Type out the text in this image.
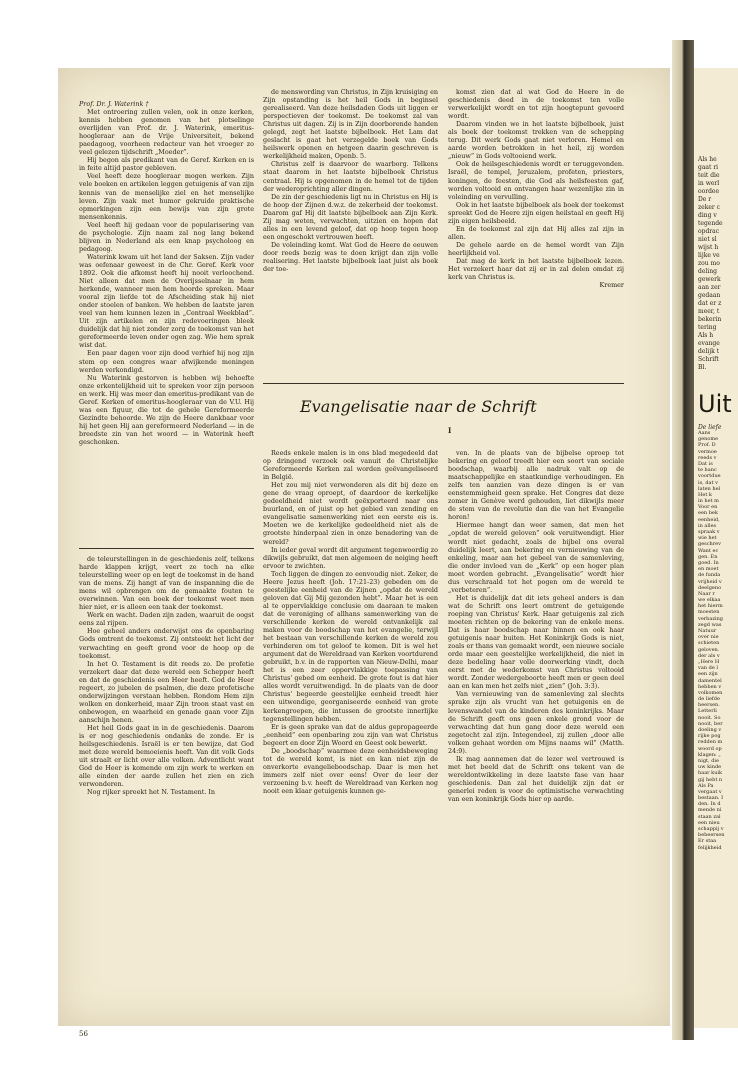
Als he
gaat ri
teit die
in werl
oordee
De r
zeker c
ding v
tegende
opdrac
niet sl
wijst h
lijke ve
zou mo
deling
gewerk
aan zer
gedaan
dat er z
meer, t
bekerin
tering
Als h
evange
delijk t
Schrift
Bl.
Uit
De liefe
Aans
genome
Prof. D
vermoe
reeds v
Dat is
te hanc
voortdue
is, dat v
laten hel
Het k
in het m
Voor en
een bek
eenheid,
in alles
spraak v
wie het
geschrev
Want ec
gen. En
goed. In
en moet
de funda
vrijheid v
deelgeno
Naar r
we elkaa
het hierm
moesten
verbazing
zegd was
Natuur
over nie
schieten
geloven.
der als v
„Here H
van de l
een zijn
damentel
hebben v
volkomen
de liefde
heersen.
Letterli
nooit. So
nooit, ber
doeling v
rijke pog
redden m
woord op
klagen: „
nigt, die
uw kinde
haar kuik
gij hebt n
Als Pa
vergaat v
bestaan. I
den. In d
mende ni
staan zal
een nieu
schappij v
beheersen
Er staa
felijkheid

Prof. Dr. J. Waterink †

Met ontroering zullen velen, ook in onze kerken, kennis hebben genomen van het plotselinge overlijden van Prof. dr. J. Waterink, emeritus-hoogleraar aan de Vrije Universiteit, bekend paedagoog, voorheen redacteur van het vroeger zo veel gelezen tijdschrift „Moeder”.

Hij begon als predikant van de Geref. Kerken en is in feite altijd pastor gebleven.

Veel heeft deze hoogleraar mogen werken. Zijn vele boeken en artikelen leggen getuigenis af van zijn kennis van de menselijke ziel en het menselijke leven. Zijn vaak met humor gekruide praktische opmerkingen zijn een bewijs van zijn grote mensenkennis.

Veel heeft hij gedaan voor de popularisering van de psychologie. Zijn naam zal nog lang bekend blijven in Nederland als een knap psycholoog en pedagoog.

Waterink kwam uit het land der Saksen. Zijn vader was oefenaar geweest in de Chr. Geref. Kerk voor 1892. Ook die afkomst heeft hij nooit verloochend. Niet alleen dat men de Overijsselnaar in hem herkende, wanneer men hem hoorde spreken. Maar vooral zijn liefde tot de Afscheiding stak hij niet onder stoelen of banken. We hebben de laatste jaren veel van hem kunnen lezen in „Centraal Weekblad”. Uit zijn artikelen en zijn redevoeringen bleek duidelijk dat hij niet zonder zorg de toekomst van het gereformeerde leven onder ogen zag. Wie hem sprak wist dat.

Een paar dagen voor zijn dood verhief hij nog zijn stem op een congres waar afwijkende meningen werden verkondigd.

Nu Waterink gestorven is hebben wij behoefte onze erkentelijkheid uit te spreken voor zijn persoon en werk. Hij was meer dan emeritus-predikant van de Geref. Kerken of emeritus-hoogleraar van de V.U. Hij was een figuur, die tot de gehele Gereformeerde Gezindte behoorde. We zijn de Heere dankbaar voor hij het geen Hij aan gereformeerd Nederland — in de breedste zin van het woord — in Waterink heeft geschonken.

de teleurstellingen in de geschiedenis zelf, telkens harde klappen krijgt, veert ze toch na elke teleurstelling weer op en legt de toekomst in de hand van de mens. Zij hangt af van de inspanning die de mens wil opbrengen om de gemaakte fouten te overwinnen. Van een boek der toekomst weet men hier niet, er is alleen een taak der toekomst.

Werk en wacht. Daden zijn zaden, waaruit de oogst eens zal rijpen.

Hoe geheel anders onderwijst ons de openbaring Gods omtrent de toekomst. Zij ontsteekt het licht der verwachting en geeft grond voor de hoop op de toekomst.

In het O. Testament is dit reeds zo. De profetie verzekert daar dat deze wereld een Schepper heeft en dat de geschiedenis een Heer heeft. God de Heer regeert, zo jubelen de psalmen, die deze profetische onderwijzingen verstaan hebben. Rondom Hem zijn wolken en donkerheid, maar Zijn troon staat vast en onbewogen, en waarheid en genade gaan voor Zijn aanschijn henen.

Het heil Gods gaat in in de geschiedenis. Daarom is er nog geschiedenis ondanks de zonde. Er is heilsgeschiedenis. Israël is er ten bewijze, dat God met deze wereld bemoeienis heeft. Van dit volk Gods uit straalt er licht over alle volken. Adventlicht want God de Heer is komende om zijn werk te werken en alle einden der aarde zullen het zien en zich verwonderen.

Nog rijker spreekt het N. Testament. In

de menswording van Christus, in Zijn kruisiging en Zijn opstanding is het heil Gods in beginsel gerealiseerd. Van deze heilsdaden Gods uit liggen er perspectieven der toekomst. De toekomst zal van Christus uit dagen. Zij is in Zijn doorborende handen gelegd, zegt het laatste bijbelboek. Het Lam dat geslacht is gaat het verzegelde boek van Gods heilswerk openen en hetgeen daarin geschreven is werkelijkheid maken, Openb. 5.

Christus zelf is daarvoor de waarborg. Telkens staat daarom in het laatste bijbelboek Christus centraal. Hij is opgenomen in de hemel tot de tijden der wederoprichting aller dingen.

De zin der geschiedenis ligt nu in Christus en Hij is de hoop der Zijnen d.w.z. de zekerheid der toekomst. Daarom gaf Hij dit laatste bijbelboek aan Zijn Kerk. Zij mag weten, verwachten, uitzien en hopen dat alles in een levend geloof, dat op hoop tegen hoop een ongeschokt vertrouwen heeft.

De voleinding komt. Wat God de Heere de eeuwen door reeds bezig was te doen krijgt dan zijn volle realisering. Het laatste bijbelboek laat juist als boek der toe-

komst zien dat al wat God de Heere in de geschiedenis deed in de toekomst ten volle verwerkelijkt wordt en tot zijn hoogtepunt gevoerd wordt.

Daarom vinden we in het laatste bijbelboek, juist als boek der toekomst trekken van de schepping terug. Dit werk Gods gaat niet verloren. Hemel en aarde worden betrokken in het heil, zij worden „nieuw” in Gods voltooiend werk.

Ook de heilsgeschiedenis wordt er teruggevonden. Israël, de tempel, Jeruzalem, profeten, priesters, koningen, de feesten, die God als heilsfeesten gaf, worden voltooid en ontvangen haar wezenlijke zin in voleinding en vervulling.

Ook in het laatste bijbelboek als boek der toekomst spreekt God de Heere zijn eigen heilstaal en geeft Hij zijn eigen heilsbeeld.

En de toekomst zal zijn dat Hij alles zal zijn in allen.

De gehele aarde en de hemel wordt van Zijn heerlijkheid vol.

Dat mag de kerk in het laatste bijbelboek lezen. Het verzekert haar dat zij er in zal delen omdat zij kerk van Christus is.

Kremer

Evangelisatie naar de Schrift
I

Reeds enkele malen is in ons blad megedeeld dat op dringend verzoek ook vanuit de Christelijke Gereformeerde Kerken zal worden geëvangeliseerd in België.

Het zou mij niet verwonderen als dit bij deze en gene de vraag oproept, of daardoor de kerkelijke gedeeldheid niet wordt geëxporteerd naar ons buurland, en of juist op het gebied van zending en evangelisatie samenwerking niet een eerste eis is. Moeten we de kerkelijke gedeeldheid niet als de grootste hinderpaal zien in onze benadering van de wereld?

In ieder geval wordt dit argument tegenwoordig zo dikwijls gebruikt, dat men algemeen de neiging heeft ervoor te zwichten.

Toch liggen de dingen zo eenvoudig niet. Zeker, de Heere Jezus heeft (Joh. 17:21-23) gebeden om de geestelijke eenheid van de Zijnen „opdat de wereld geloven dat Gij Mij gezonden hebt”. Maar het is een al te oppervlakkige conclusie om daaraan te maken dat de vereniging of allhans samenwerking van de verschillende kerken de wereld ontvankelijk zal maken voor de boodschap van het evangelie, terwijl het bestaan van verschillende kerken de wereld zou verhinderen om tot geloof te komen. Dit is wel het argument dat de Wereldraad van Kerken voortdurend gebruikt, b.v. in de rapporten van Nieuw-Delhi, maar het is een zeer oppervlakkige toepassing van Christus' gebed om eenheid. De grote fout is dat hier alles wordt veruitwendigd. In de plaats van de door Christus' begeerde geestelijke eenheid treedt hier een uitwendige, georganiseerde eenheid van grote kerkengroepen, die intussen de grootste innerlijke tegenstellingen hebben.

Er is geen sprake van dat de aldus gepropageerde „eenheid” een openbaring zou zijn van wat Christus begeert en door Zijn Woord en Geest ook bewerkt.

De „boodschap” waarmee deze eenheidsbeweging tot de wereld komt, is niet en kan niet zijn de onverkorte evangelieboodschap. Daar is men het immers zelf niet over eens! Over de leer der verzoening b.v. heeft de Wereldraad van Kerken nog nooit een klaar getuigenis kunnen ge-

ven. In de plaats van de bijbelse oproep tot bekering en geloof treedt hier een soort van sociale boodschap, waarbij alle nadruk valt op de maatschappelijke en staatkundige verhoudingen. En zelfs ten aanzien van deze dingen is er van eenstemmigheid geen sprake. Het Congres dat deze zomer in Genève werd gehouden, liet dikwijls meer de stem van de revolutie dan die van het Evangelie horen!

Hiermee hangt dan weer samen, dat men het „opdat de wereld geloven” ook veruitwendigt. Hier wordt niet gedacht, zoals de bijbel ons overal duidelijk leert, aan bekering en vernieuwing van de enkeling, maar aan het gebeel van de samenleving, die onder invloed van de „Kerk” op een hoger plan moet worden gebracht. „Evangelisatie” wordt hier dus verschraald tot het pogen om de wereld te „verbeteren”.

Het is duidelijk dat dit iets geheel anders is dan wat de Schrift ons leert omtrent de getuigende roeping van Christus' Kerk. Haar getuigenis zal zich moeten richten op de bekering van de enkele mens. Dat is haar boodschap naar binnen en ook haar getuigenis naar buiten. Het Koninkrijk Gods is niet, zoals er thans van gemaakt wordt, een nieuwe sociale orde maar een geestelijke werkelijkheid, die niet in deze bedeling haar volle doorwerking vindt, doch eerst met de wederkomst van Christus voltooid wordt. Zonder wedergeboorte heeft men er geen deel aan en kan men het zelfs niet „zien” (Joh. 3:3).

Van vernieuwing van de samenleving zal slechts sprake zijn als vrucht van het getuigenis en de levenswandel van de kinderen des koninkrijks. Maar de Schrift geeft ons geen enkele grond voor de verwachting dat hun gang door deze wereld een zegetocht zal zijn. Integendeel, zij zullen „door alle volken gehaat worden om Mijns naams wil” (Matth. 24:9).

Ik mag aannemen dat de lezer wel vertrouwd is met het beeld dat de Schrift ons tekent van de wereldontwikkeling in deze laatste fase van haar geschiedenis. Dan zal het duidelijk zijn dat er generlei reden is voor de optimistische verwachting van een koninkrijk Gods hier op aarde.

56
